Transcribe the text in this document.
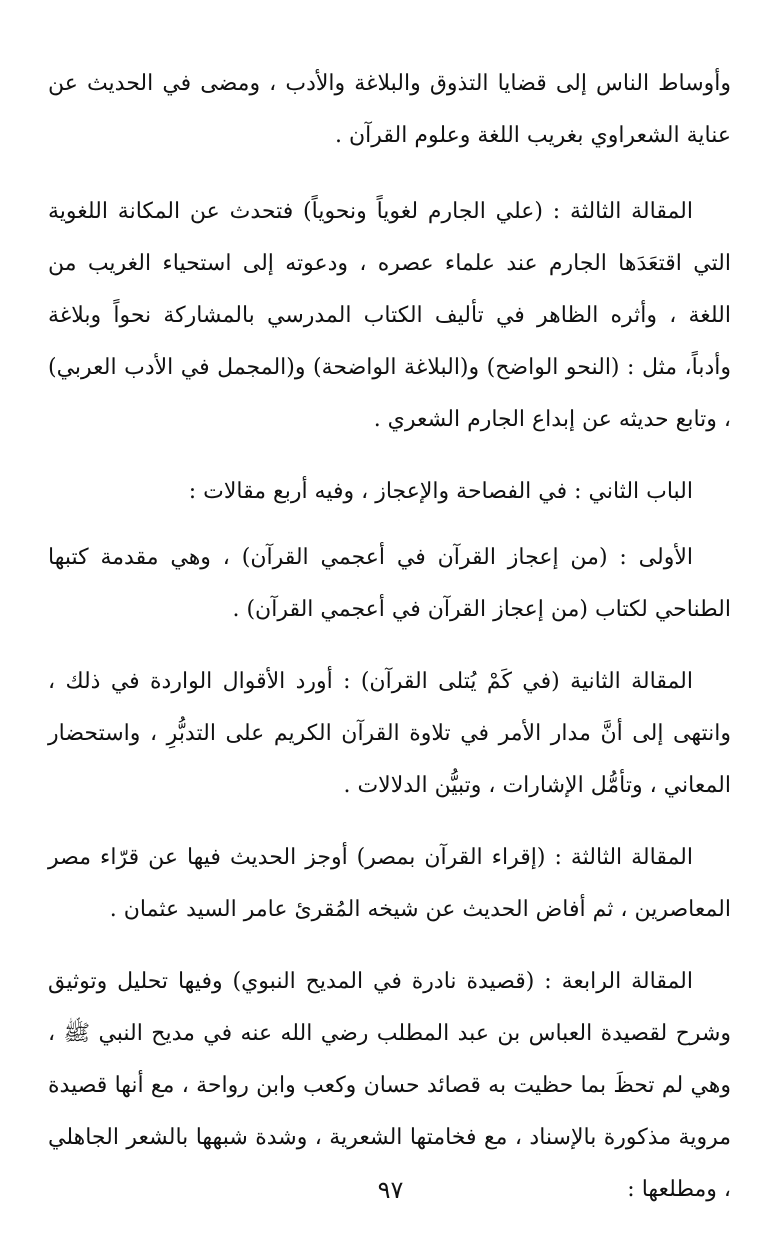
وأوساط الناس إلى قضايا التذوق والبلاغة والأدب ، ومضى في الحديث عن عناية الشعراوي بغريب اللغة وعلوم القرآن .

المقالة الثالثة : (علي الجارم لغوياً ونحوياً) فتحدث عن المكانة اللغوية التي اقتعَدَها الجارم عند علماء عصره ، ودعوته إلى استحياء الغريب من اللغة ، وأثره الظاهر في تأليف الكتاب المدرسي بالمشاركة نحواً وبلاغة وأدباً، مثل : (النحو الواضح) و(البلاغة الواضحة) و(المجمل في الأدب العربي) ، وتابع حديثه عن إبداع الجارم الشعري .

الباب الثاني : في الفصاحة والإعجاز ، وفيه أربع مقالات :

الأولى : (من إعجاز القرآن في أعجمي القرآن) ، وهي مقدمة كتبها الطناحي لكتاب (من إعجاز القرآن في أعجمي القرآن) .

المقالة الثانية (في كَمْ يُتلى القرآن) : أورد الأقوال الواردة في ذلك ، وانتهى إلى أنَّ مدار الأمر في تلاوة القرآن الكريم على التدبُّرِ ، واستحضار المعاني ، وتأمُّل الإشارات ، وتبيُّن الدلالات .

المقالة الثالثة : (إقراء القرآن بمصر) أوجز الحديث فيها عن قرّاء مصر المعاصرين ، ثم أفاض الحديث عن شيخه المُقرئ عامر السيد عثمان .

المقالة الرابعة : (قصيدة نادرة في المديح النبوي) وفيها تحليل وتوثيق وشرح لقصيدة العباس بن عبد المطلب رضي الله عنه في مديح النبي ﷺ ، وهي لم تحظَ بما حظيت به قصائد حسان وكعب وابن رواحة ، مع أنها قصيدة مروية مذكورة بالإسناد ، مع فخامتها الشعرية ، وشدة شبهها بالشعر الجاهلي ، ومطلعها :

٩٧
